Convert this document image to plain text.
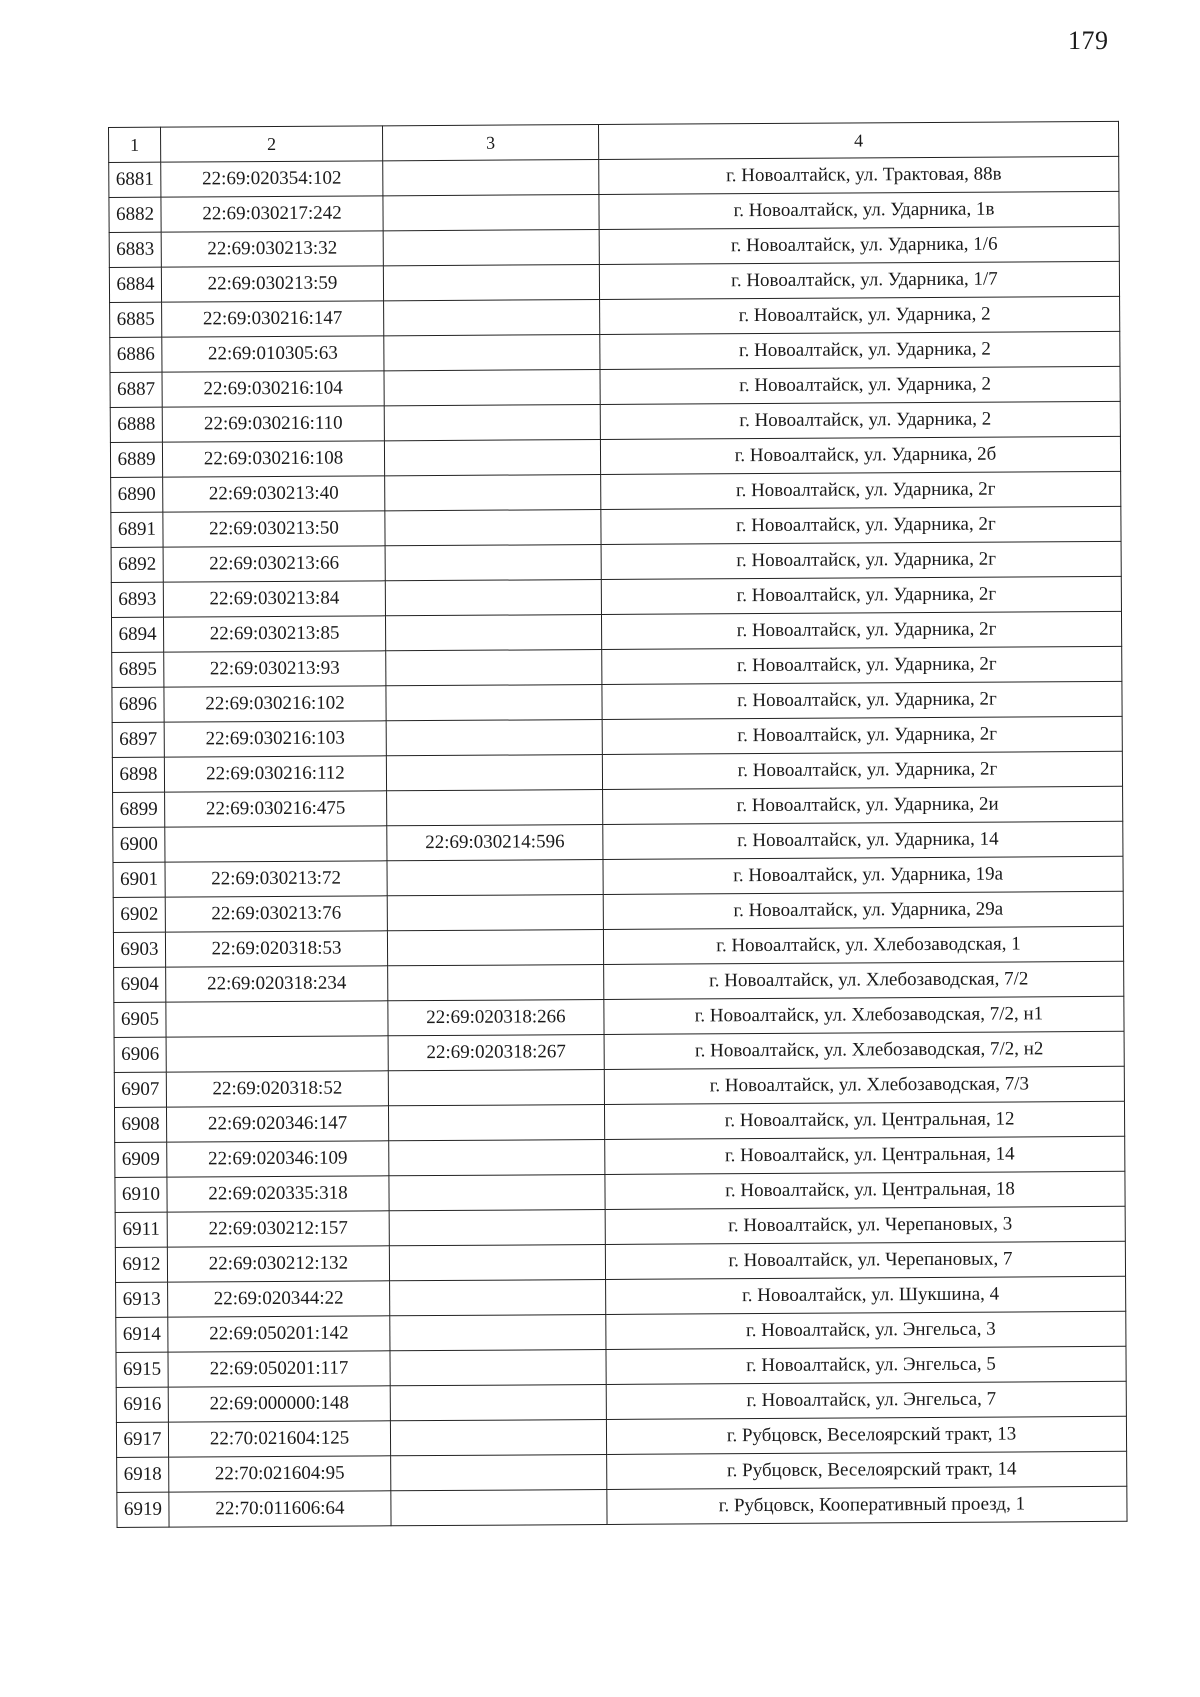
179
1	2	3	4
6881	22:69:020354:102		г. Новоалтайск, ул. Трактовая, 88в
6882	22:69:030217:242		г. Новоалтайск, ул. Ударника, 1в
6883	22:69:030213:32		г. Новоалтайск, ул. Ударника, 1/6
6884	22:69:030213:59		г. Новоалтайск, ул. Ударника, 1/7
6885	22:69:030216:147		г. Новоалтайск, ул. Ударника, 2
6886	22:69:010305:63		г. Новоалтайск, ул. Ударника, 2
6887	22:69:030216:104		г. Новоалтайск, ул. Ударника, 2
6888	22:69:030216:110		г. Новоалтайск, ул. Ударника, 2
6889	22:69:030216:108		г. Новоалтайск, ул. Ударника, 2б
6890	22:69:030213:40		г. Новоалтайск, ул. Ударника, 2г
6891	22:69:030213:50		г. Новоалтайск, ул. Ударника, 2г
6892	22:69:030213:66		г. Новоалтайск, ул. Ударника, 2г
6893	22:69:030213:84		г. Новоалтайск, ул. Ударника, 2г
6894	22:69:030213:85		г. Новоалтайск, ул. Ударника, 2г
6895	22:69:030213:93		г. Новоалтайск, ул. Ударника, 2г
6896	22:69:030216:102		г. Новоалтайск, ул. Ударника, 2г
6897	22:69:030216:103		г. Новоалтайск, ул. Ударника, 2г
6898	22:69:030216:112		г. Новоалтайск, ул. Ударника, 2г
6899	22:69:030216:475		г. Новоалтайск, ул. Ударника, 2и
6900		22:69:030214:596	г. Новоалтайск, ул. Ударника, 14
6901	22:69:030213:72		г. Новоалтайск, ул. Ударника, 19а
6902	22:69:030213:76		г. Новоалтайск, ул. Ударника, 29а
6903	22:69:020318:53		г. Новоалтайск, ул. Хлебозаводская, 1
6904	22:69:020318:234		г. Новоалтайск, ул. Хлебозаводская, 7/2
6905		22:69:020318:266	г. Новоалтайск, ул. Хлебозаводская, 7/2, н1
6906		22:69:020318:267	г. Новоалтайск, ул. Хлебозаводская, 7/2, н2
6907	22:69:020318:52		г. Новоалтайск, ул. Хлебозаводская, 7/3
6908	22:69:020346:147		г. Новоалтайск, ул. Центральная, 12
6909	22:69:020346:109		г. Новоалтайск, ул. Центральная, 14
6910	22:69:020335:318		г. Новоалтайск, ул. Центральная, 18
6911	22:69:030212:157		г. Новоалтайск, ул. Черепановых, 3
6912	22:69:030212:132		г. Новоалтайск, ул. Черепановых, 7
6913	22:69:020344:22		г. Новоалтайск, ул. Шукшина, 4
6914	22:69:050201:142		г. Новоалтайск, ул. Энгельса, 3
6915	22:69:050201:117		г. Новоалтайск, ул. Энгельса, 5
6916	22:69:000000:148		г. Новоалтайск, ул. Энгельса, 7
6917	22:70:021604:125		г. Рубцовск, Веселоярский тракт, 13
6918	22:70:021604:95		г. Рубцовск, Веселоярский тракт, 14
6919	22:70:011606:64		г. Рубцовск, Кооперативный проезд, 1
